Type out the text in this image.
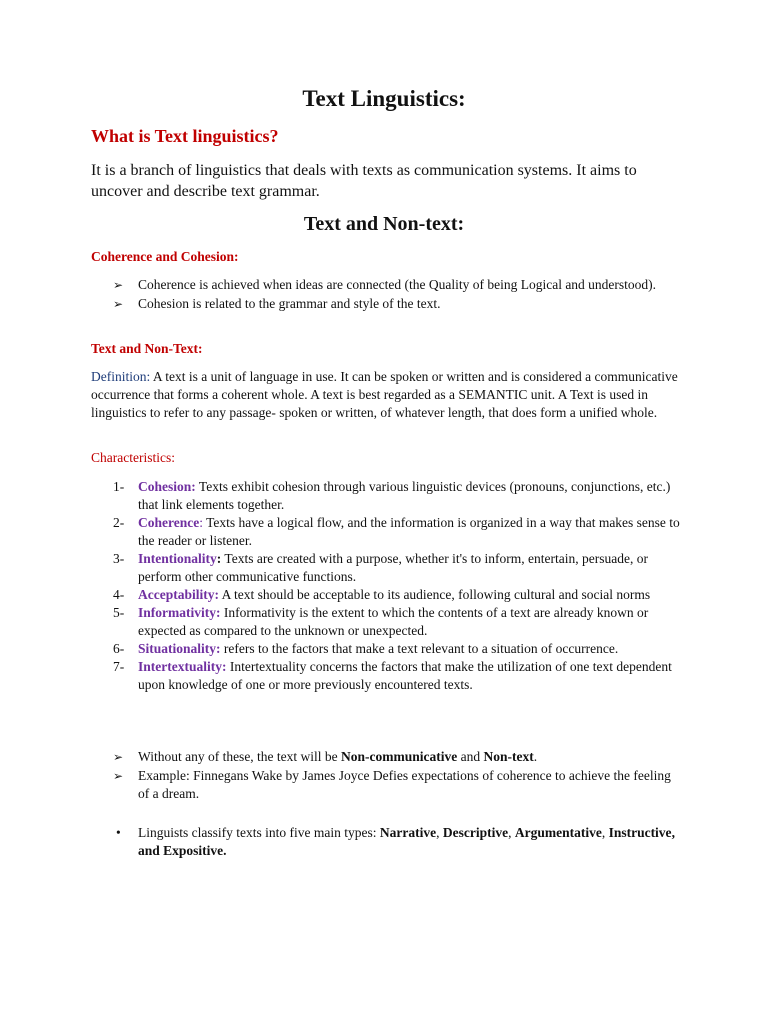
Text Linguistics:
What is Text linguistics?

It is a branch of linguistics that deals with texts as communication systems. It aims to uncover and describe text grammar.

Text and Non-text:
Coherence and Cohesion:
➢ Coherence is achieved when ideas are connected (the Quality of being Logical and understood).
➢ Cohesion is related to the grammar and style of the text.
Text and Non-Text:

Definition: A text is a unit of language in use. It can be spoken or written and is considered a communicative occurrence that forms a coherent whole. A text is best regarded as a SEMANTIC unit. A Text is used in linguistics to refer to any passage- spoken or written, of whatever length, that does form a unified whole.

Characteristics:

1- Cohesion: Texts exhibit cohesion through various linguistic devices (pronouns, conjunctions, etc.) that link elements together.
2- Coherence: Texts have a logical flow, and the information is organized in a way that makes sense to the reader or listener.
3- Intentionality: Texts are created with a purpose, whether it's to inform, entertain, persuade, or perform other communicative functions.
4- Acceptability: A text should be acceptable to its audience, following cultural and social norms
5- Informativity: Informativity is the extent to which the contents of a text are already known or expected as compared to the unknown or unexpected.
6- Situationality: refers to the factors that make a text relevant to a situation of occurrence.
7- Intertextuality: Intertextuality concerns the factors that make the utilization of one text dependent upon knowledge of one or more previously encountered texts.
➢ Without any of these, the text will be Non-communicative and Non-text.
➢ Example: Finnegans Wake by James Joyce Defies expectations of coherence to achieve the feeling of a dream.
• Linguists classify texts into five main types: Narrative, Descriptive, Argumentative, Instructive, and Expositive.
